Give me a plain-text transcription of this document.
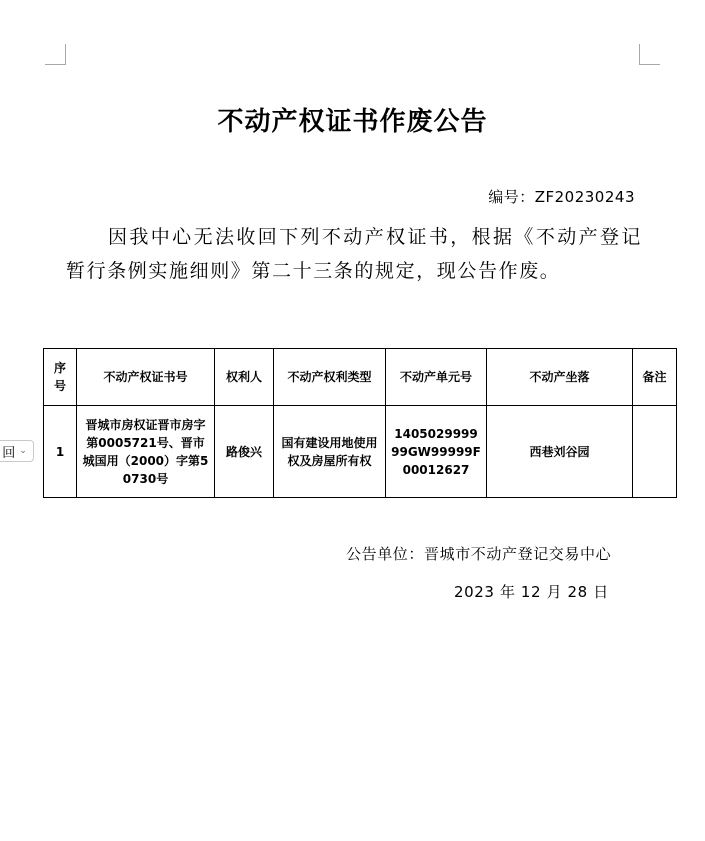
不动产权证书作废公告
编号：ZF20230243
因我中心无法收回下列不动产权证书，根据《不动产登记暂行条例实施细则》第二十三条的规定，现公告作废。
序号	不动产权证书号	权利人	不动产权利类型	不动产单元号	不动产坐落	备注
1	晋城市房权证晋市房字第0005721号、晋市城国用（2000）字第50730号	路俊兴	国有建设用地使用权及房屋所有权	140502999999GW99999F00012627	西巷刘谷园	
回 ⌄
公告单位：晋城市不动产登记交易中心
2023 年 12 月 28 日
